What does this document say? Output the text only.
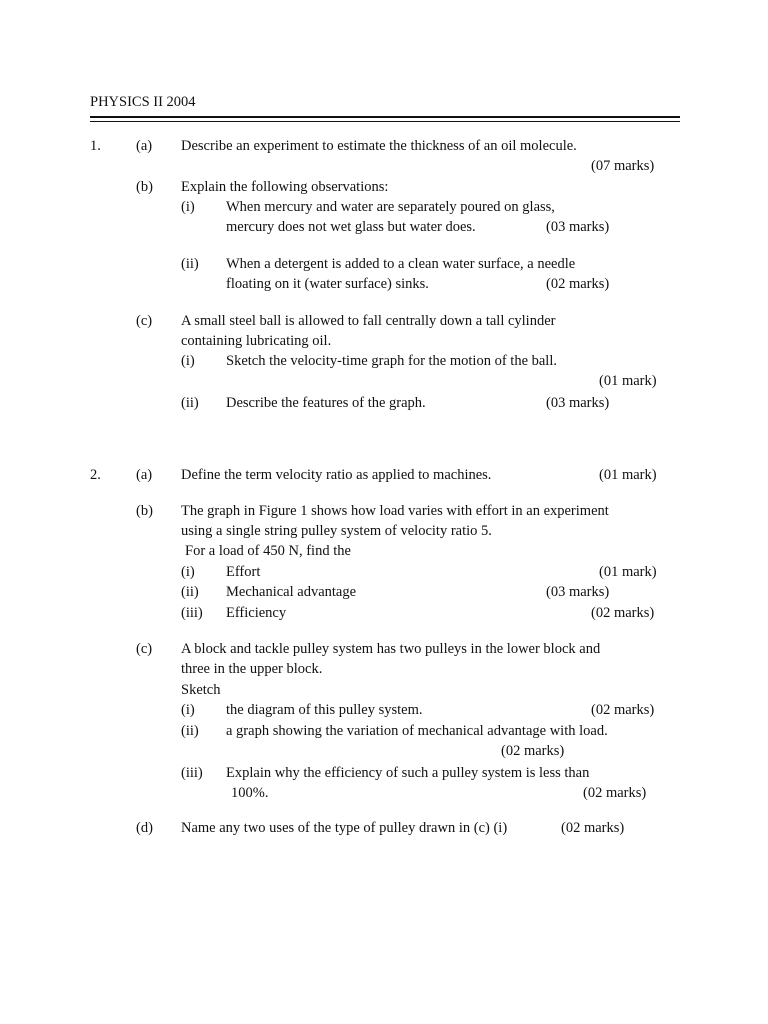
PHYSICS II 2004
1. (a) Describe an experiment to estimate the thickness of an oil molecule.
(07 marks)
(b) Explain the following observations:
(i) When mercury and water are separately poured on glass,
mercury does not wet glass but water does.	(03 marks)
(ii) When a detergent is added to a clean water surface, a needle
floating on it (water surface) sinks.	(02 marks)
(c) A small steel ball is allowed to fall centrally down a tall cylinder
containing lubricating oil.
(i) Sketch the velocity-time graph for the motion of the ball.
(01 mark)
(ii) Describe the features of the graph.	(03 marks)
2. (a) Define the term velocity ratio as applied to machines.	(01 mark)
(b) The graph in Figure 1 shows how load varies with effort in an experiment
using a single string pulley system of velocity ratio 5.
For a load of 450 N, find the
(i) Effort	(01 mark)
(ii) Mechanical advantage	(03 marks)
(iii) Efficiency	(02 marks)
(c) A block and tackle pulley system has two pulleys in the lower block and
three in the upper block.
Sketch
(i) the diagram of this pulley system.	(02 marks)
(ii) a graph showing the variation of mechanical advantage with load.
(02 marks)
(iii) Explain why the efficiency of such a pulley system is less than
100%.	(02 marks)
(d) Name any two uses of the type of pulley drawn in (c) (i)	(02 marks)
